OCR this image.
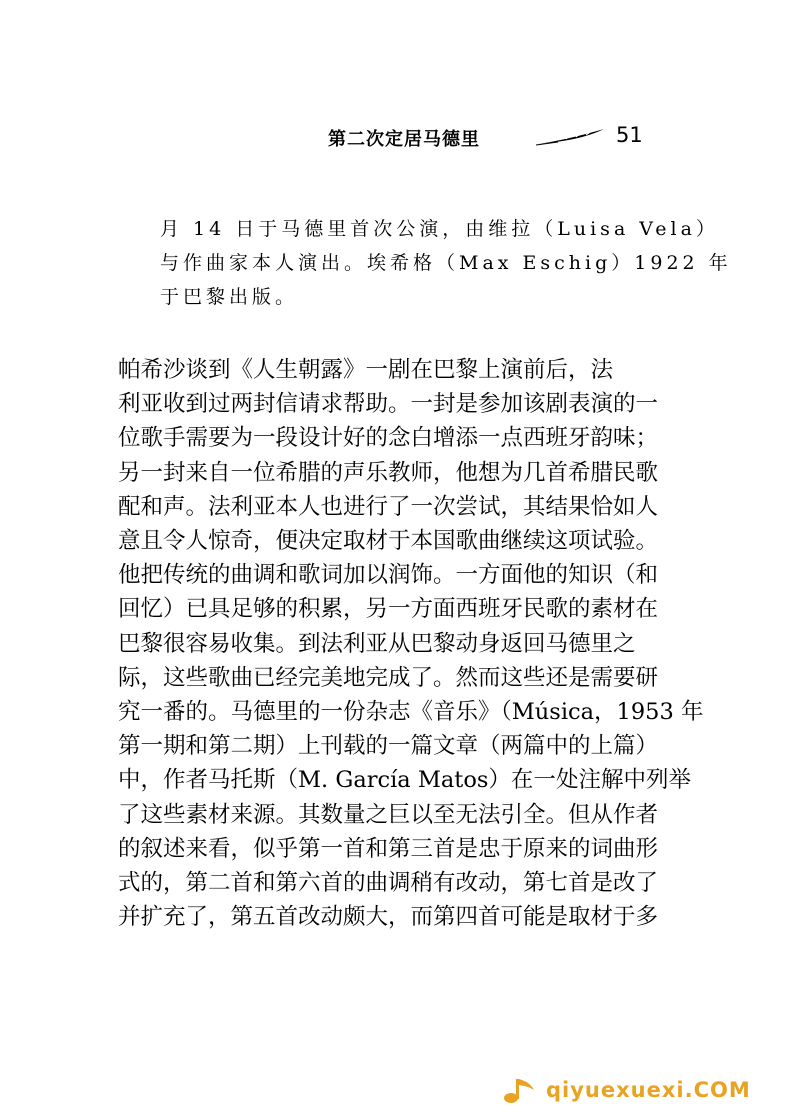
第二次定居马德里	51

月 14 日于马德里首次公演，由维拉（Luisa Vela）

与作曲家本人演出。埃希格（Max Eschig）1922 年

于巴黎出版。

帕希沙谈到《人生朝露》一剧在巴黎上演前后，法

利亚收到过两封信请求帮助。一封是参加该剧表演的一

位歌手需要为一段设计好的念白增添一点西班牙韵味；

另一封来自一位希腊的声乐教师，他想为几首希腊民歌

配和声。法利亚本人也进行了一次尝试，其结果恰如人

意且令人惊奇，便决定取材于本国歌曲继续这项试验。

他把传统的曲调和歌词加以润饰。一方面他的知识（和

回忆）已具足够的积累，另一方面西班牙民歌的素材在

巴黎很容易收集。到法利亚从巴黎动身返回马德里之

际，这些歌曲已经完美地完成了。然而这些还是需要研

究一番的。马德里的一份杂志《音乐》（Música，1953 年

第一期和第二期）上刊载的一篇文章（两篇中的上篇）

中，作者马托斯（M. García Matos）在一处注解中列举

了这些素材来源。其数量之巨以至无法引全。但从作者

的叙述来看，似乎第一首和第三首是忠于原来的词曲形

式的，第二首和第六首的曲调稍有改动，第七首是改了

并扩充了，第五首改动颇大，而第四首可能是取材于多

qiyuexuexi.COM
